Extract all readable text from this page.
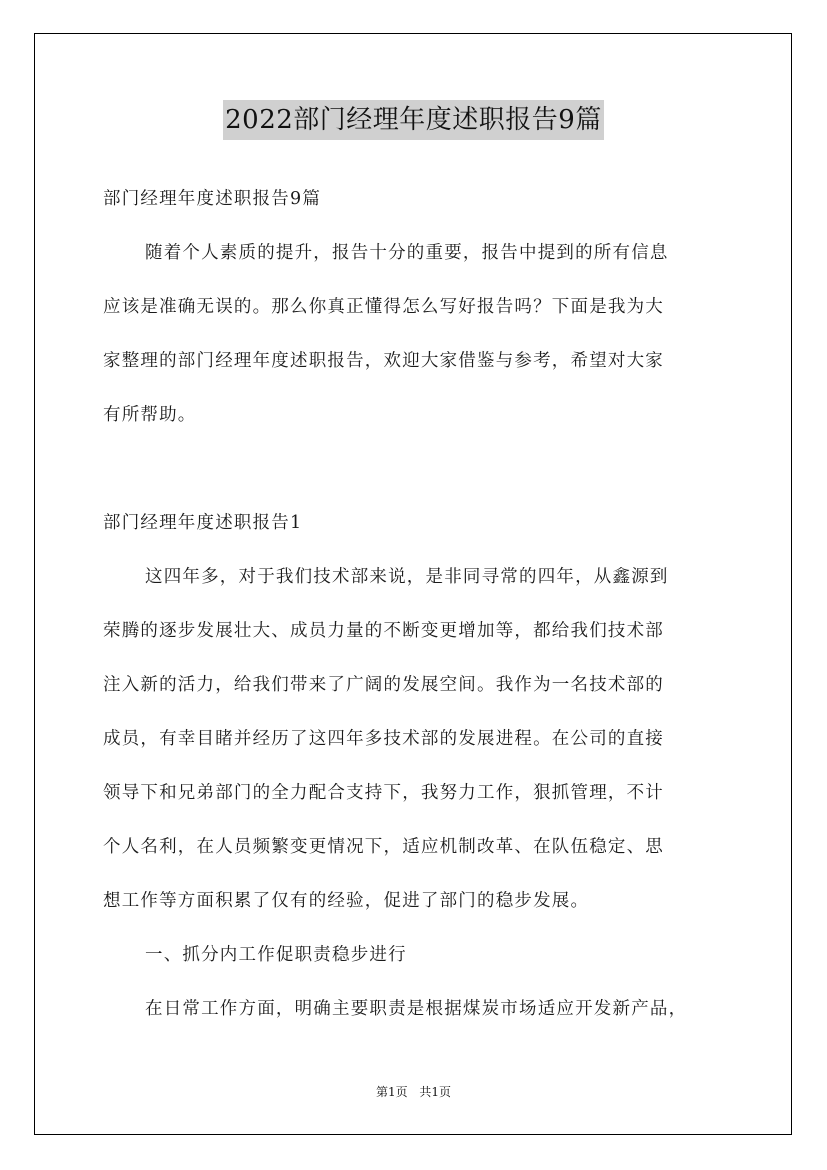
2022部门经理年度述职报告9篇

部门经理年度述职报告9篇

随着个人素质的提升，报告十分的重要，报告中提到的所有信息

应该是准确无误的。那么你真正懂得怎么写好报告吗？下面是我为大

家整理的部门经理年度述职报告，欢迎大家借鉴与参考，希望对大家

有所帮助。

部门经理年度述职报告1

这四年多，对于我们技术部来说，是非同寻常的四年，从鑫源到

荣腾的逐步发展壮大、成员力量的不断变更增加等，都给我们技术部

注入新的活力，给我们带来了广阔的发展空间。我作为一名技术部的

成员，有幸目睹并经历了这四年多技术部的发展进程。在公司的直接

领导下和兄弟部门的全力配合支持下，我努力工作，狠抓管理，不计

个人名利，在人员频繁变更情况下，适应机制改革、在队伍稳定、思

想工作等方面积累了仅有的经验，促进了部门的稳步发展。

一、抓分内工作促职责稳步进行

在日常工作方面，明确主要职责是根据煤炭市场适应开发新产品，

第1页 共1页
